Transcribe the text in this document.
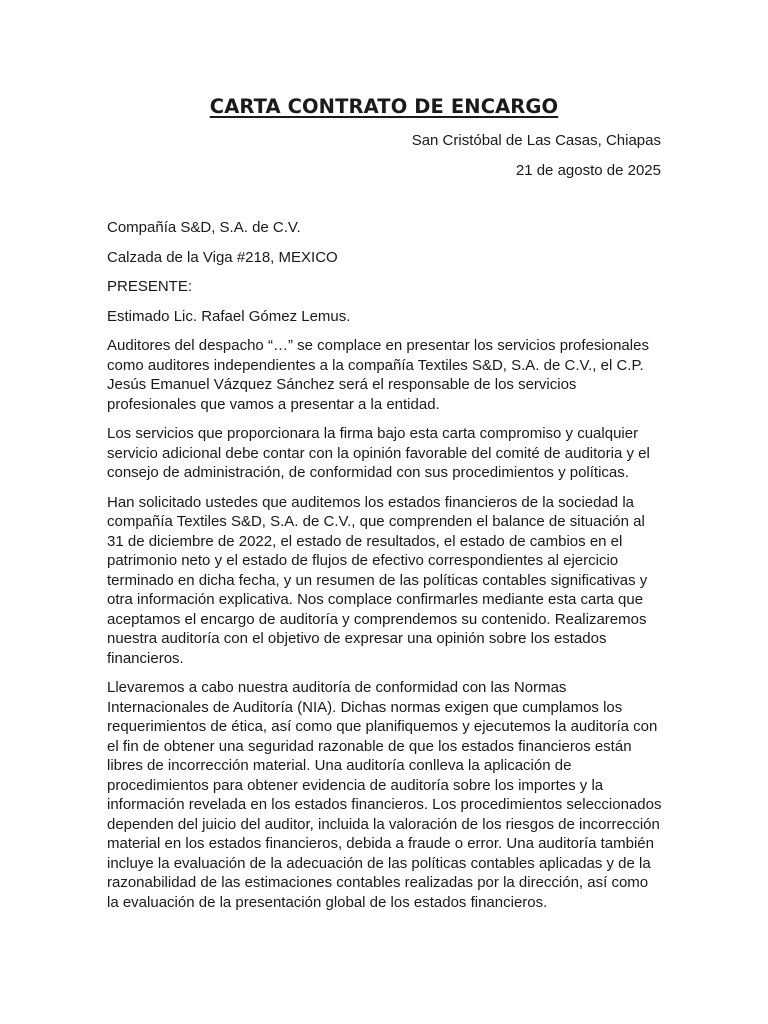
CARTA CONTRATO DE ENCARGO

San Cristóbal de Las Casas, Chiapas

21 de agosto de 2025

Compañía S&D, S.A. de C.V.

Calzada de la Viga #218, MEXICO

PRESENTE:

Estimado Lic. Rafael Gómez Lemus.

Auditores del despacho “…” se complace en presentar los servicios profesionales como auditores independientes a la compañía Textiles S&D, S.A. de C.V., el C.P. Jesús Emanuel Vázquez Sánchez será el responsable de los servicios profesionales que vamos a presentar a la entidad.

Los servicios que proporcionara la firma bajo esta carta compromiso y cualquier servicio adicional debe contar con la opinión favorable del comité de auditoria y el consejo de administración, de conformidad con sus procedimientos y políticas.

Han solicitado ustedes que auditemos los estados financieros de la sociedad la compañía Textiles S&D, S.A. de C.V., que comprenden el balance de situación al 31 de diciembre de 2022, el estado de resultados, el estado de cambios en el patrimonio neto y el estado de flujos de efectivo correspondientes al ejercicio terminado en dicha fecha, y un resumen de las políticas contables significativas y otra información explicativa. Nos complace confirmarles mediante esta carta que aceptamos el encargo de auditoría y comprendemos su contenido. Realizaremos nuestra auditoría con el objetivo de expresar una opinión sobre los estados financieros.

Llevaremos a cabo nuestra auditoría de conformidad con las Normas Internacionales de Auditoría (NIA). Dichas normas exigen que cumplamos los requerimientos de ética, así como que planifiquemos y ejecutemos la auditoría con el fin de obtener una seguridad razonable de que los estados financieros están libres de incorrección material. Una auditoría conlleva la aplicación de procedimientos para obtener evidencia de auditoría sobre los importes y la información revelada en los estados financieros. Los procedimientos seleccionados dependen del juicio del auditor, incluida la valoración de los riesgos de incorrección material en los estados financieros, debida a fraude o error. Una auditoría también incluye la evaluación de la adecuación de las políticas contables aplicadas y de la razonabilidad de las estimaciones contables realizadas por la dirección, así como la evaluación de la presentación global de los estados financieros.
